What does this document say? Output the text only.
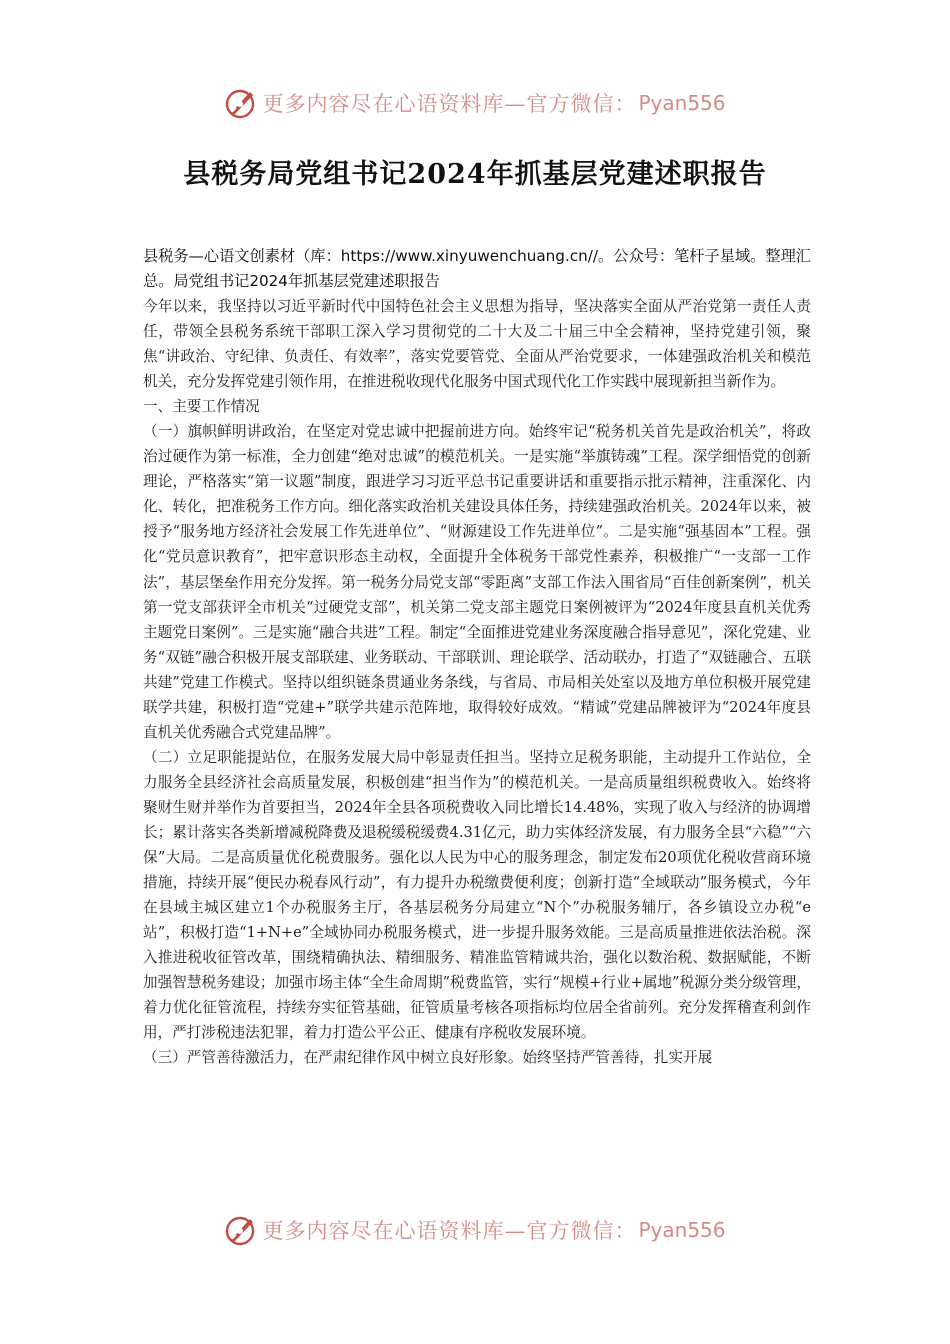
更多内容尽在心语资料库—官方微信： Pyan556
县税务局党组书记2024年抓基层党建述职报告

县税务—心语文创素材（库：https://www.xinyuwenchuang.cn//。公众号：笔杆子星域。整理汇总。局党组书记2024年抓基层党建述职报告

今年以来，我坚持以习近平新时代中国特色社会主义思想为指导，坚决落实全面从严治党第一责任人责任，带领全县税务系统干部职工深入学习贯彻党的二十大及二十届三中全会精神，坚持党建引领，聚焦“讲政治、守纪律、负责任、有效率”，落实党要管党、全面从严治党要求，一体建强政治机关和模范机关，充分发挥党建引领作用，在推进税收现代化服务中国式现代化工作实践中展现新担当新作为。

一、主要工作情况

（一）旗帜鲜明讲政治，在坚定对党忠诚中把握前进方向。始终牢记“税务机关首先是政治机关”，将政治过硬作为第一标准，全力创建“绝对忠诚”的模范机关。一是实施“举旗铸魂”工程。深学细悟党的创新理论，严格落实“第一议题”制度，跟进学习习近平总书记重要讲话和重要指示批示精神，注重深化、内化、转化，把准税务工作方向。细化落实政治机关建设具体任务，持续建强政治机关。2024年以来，被授予“服务地方经济社会发展工作先进单位”、“财源建设工作先进单位”。二是实施“强基固本”工程。强化“党员意识教育”，把牢意识形态主动权，全面提升全体税务干部党性素养，积极推广“一支部一工作法”，基层堡垒作用充分发挥。第一税务分局党支部“零距离”支部工作法入围省局“百佳创新案例”，机关第一党支部获评全市机关“过硬党支部”，机关第二党支部主题党日案例被评为“2024年度县直机关优秀主题党日案例”。三是实施“融合共进”工程。制定“全面推进党建业务深度融合指导意见”，深化党建、业务“双链”融合积极开展支部联建、业务联动、干部联训、理论联学、活动联办，打造了“双链融合、五联共建”党建工作模式。坚持以组织链条贯通业务条线，与省局、市局相关处室以及地方单位积极开展党建联学共建，积极打造“党建+”联学共建示范阵地，取得较好成效。“精诚”党建品牌被评为“2024年度县直机关优秀融合式党建品牌”。

（二）立足职能提站位，在服务发展大局中彰显责任担当。坚持立足税务职能，主动提升工作站位，全力服务全县经济社会高质量发展，积极创建“担当作为”的模范机关。一是高质量组织税费收入。始终将聚财生财并举作为首要担当，2024年全县各项税费收入同比增长14.48%，实现了收入与经济的协调增长；累计落实各类新增减税降费及退税缓税缓费4.31亿元，助力实体经济发展，有力服务全县“六稳”“六保”大局。二是高质量优化税费服务。强化以人民为中心的服务理念，制定发布20项优化税收营商环境措施，持续开展“便民办税春风行动”，有力提升办税缴费便利度；创新打造“全域联动”服务模式，今年在县域主城区建立1个办税服务主厅，各基层税务分局建立“N个”办税服务辅厅，各乡镇设立办税“e站”，积极打造“1+N+e”全域协同办税服务模式，进一步提升服务效能。三是高质量推进依法治税。深入推进税收征管改革，围绕精确执法、精细服务、精准监管精诚共治，强化以数治税、数据赋能，不断加强智慧税务建设；加强市场主体“全生命周期”税费监管，实行“规模+行业+属地”税源分类分级管理，着力优化征管流程，持续夯实征管基础，征管质量考核各项指标均位居全省前列。充分发挥稽查利剑作用，严打涉税违法犯罪，着力打造公平公正、健康有序税收发展环境。

（三）严管善待激活力，在严肃纪律作风中树立良好形象。始终坚持严管善待，扎实开展

更多内容尽在心语资料库—官方微信： Pyan556
